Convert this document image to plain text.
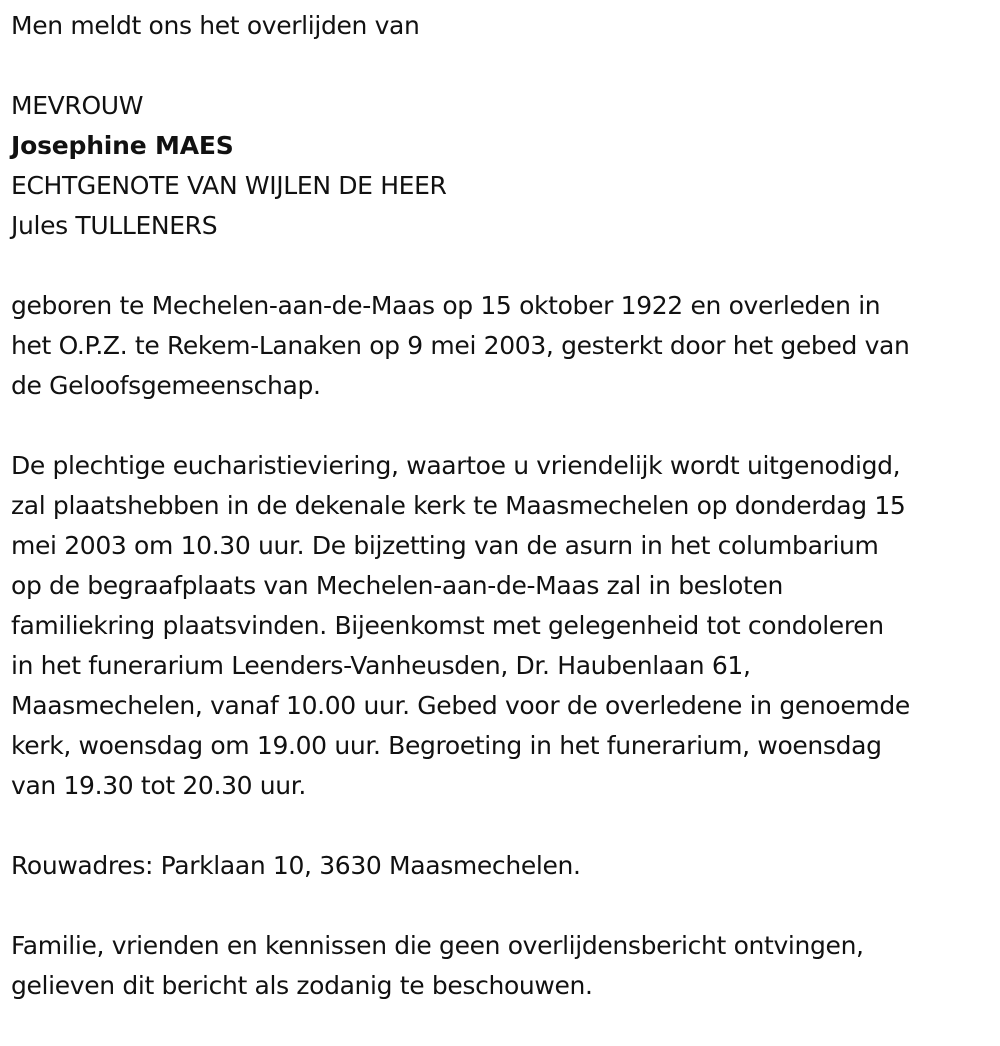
Men meldt ons het overlijden van
MEVROUW
Josephine MAES
ECHTGENOTE VAN WIJLEN DE HEER
Jules TULLENERS

geboren te Mechelen-aan-de-Maas op 15 oktober 1922 en overleden in
het O.P.Z. te Rekem-Lanaken op 9 mei 2003, gesterkt door het gebed van
de Geloofsgemeenschap.

De plechtige eucharistieviering, waartoe u vriendelijk wordt uitgenodigd,
zal plaatshebben in de dekenale kerk te Maasmechelen op donderdag 15
mei 2003 om 10.30 uur. De bijzetting van de asurn in het columbarium
op de begraafplaats van Mechelen-aan-de-Maas zal in besloten
familiekring plaatsvinden. Bijeenkomst met gelegenheid tot condoleren
in het funerarium Leenders-Vanheusden, Dr. Haubenlaan 61,
Maasmechelen, vanaf 10.00 uur. Gebed voor de overledene in genoemde
kerk, woensdag om 19.00 uur. Begroeting in het funerarium, woensdag
van 19.30 tot 20.30 uur.

Rouwadres: Parklaan 10, 3630 Maasmechelen.

Familie, vrienden en kennissen die geen overlijdensbericht ontvingen,
gelieven dit bericht als zodanig te beschouwen.
